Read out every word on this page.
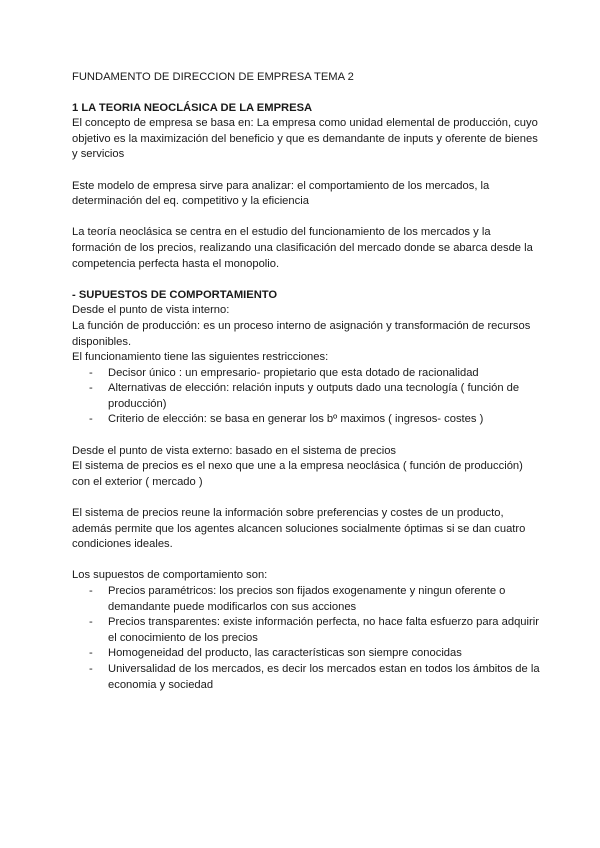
FUNDAMENTO DE DIRECCION DE EMPRESA TEMA 2

1 LA TEORIA NEOCLÁSICA DE LA EMPRESA

El concepto de empresa se basa en: La empresa como unidad elemental de producción, cuyo objetivo es la maximización del beneficio y que es demandante de inputs y oferente de bienes y servicios

Este modelo de empresa sirve para analizar: el comportamiento de los mercados, la determinación del eq. competitivo y la eficiencia

La teoría neoclásica se centra en el estudio del funcionamiento de los mercados y la formación de los precios, realizando una clasificación del mercado donde se abarca desde la competencia perfecta hasta el monopolio.

- SUPUESTOS DE COMPORTAMIENTO

Desde el punto de vista interno:

La función de producción: es un proceso interno de asignación y transformación de recursos disponibles.

El funcionamiento tiene las siguientes restricciones:

- Decisor único : un empresario- propietario que esta dotado de racionalidad
- Alternativas de elección: relación inputs y outputs dado una tecnología ( función de producción)
- Criterio de elección: se basa en generar los bº maximos ( ingresos- costes )

Desde el punto de vista externo: basado en el sistema de precios

El sistema de precios es el nexo que une a la empresa neoclásica ( función de producción) con el exterior ( mercado )

El sistema de precios reune la información sobre preferencias y costes de un producto, además permite que los agentes alcancen soluciones socialmente óptimas si se dan cuatro condiciones ideales.

Los supuestos de comportamiento son:

- Precios paramétricos: los precios son fijados exogenamente y ningun oferente o demandante puede modificarlos con sus acciones
- Precios transparentes: existe información perfecta, no hace falta esfuerzo para adquirir el conocimiento de los precios
- Homogeneidad del producto, las características son siempre conocidas
- Universalidad de los mercados, es decir los mercados estan en todos los ámbitos de la economia y sociedad
